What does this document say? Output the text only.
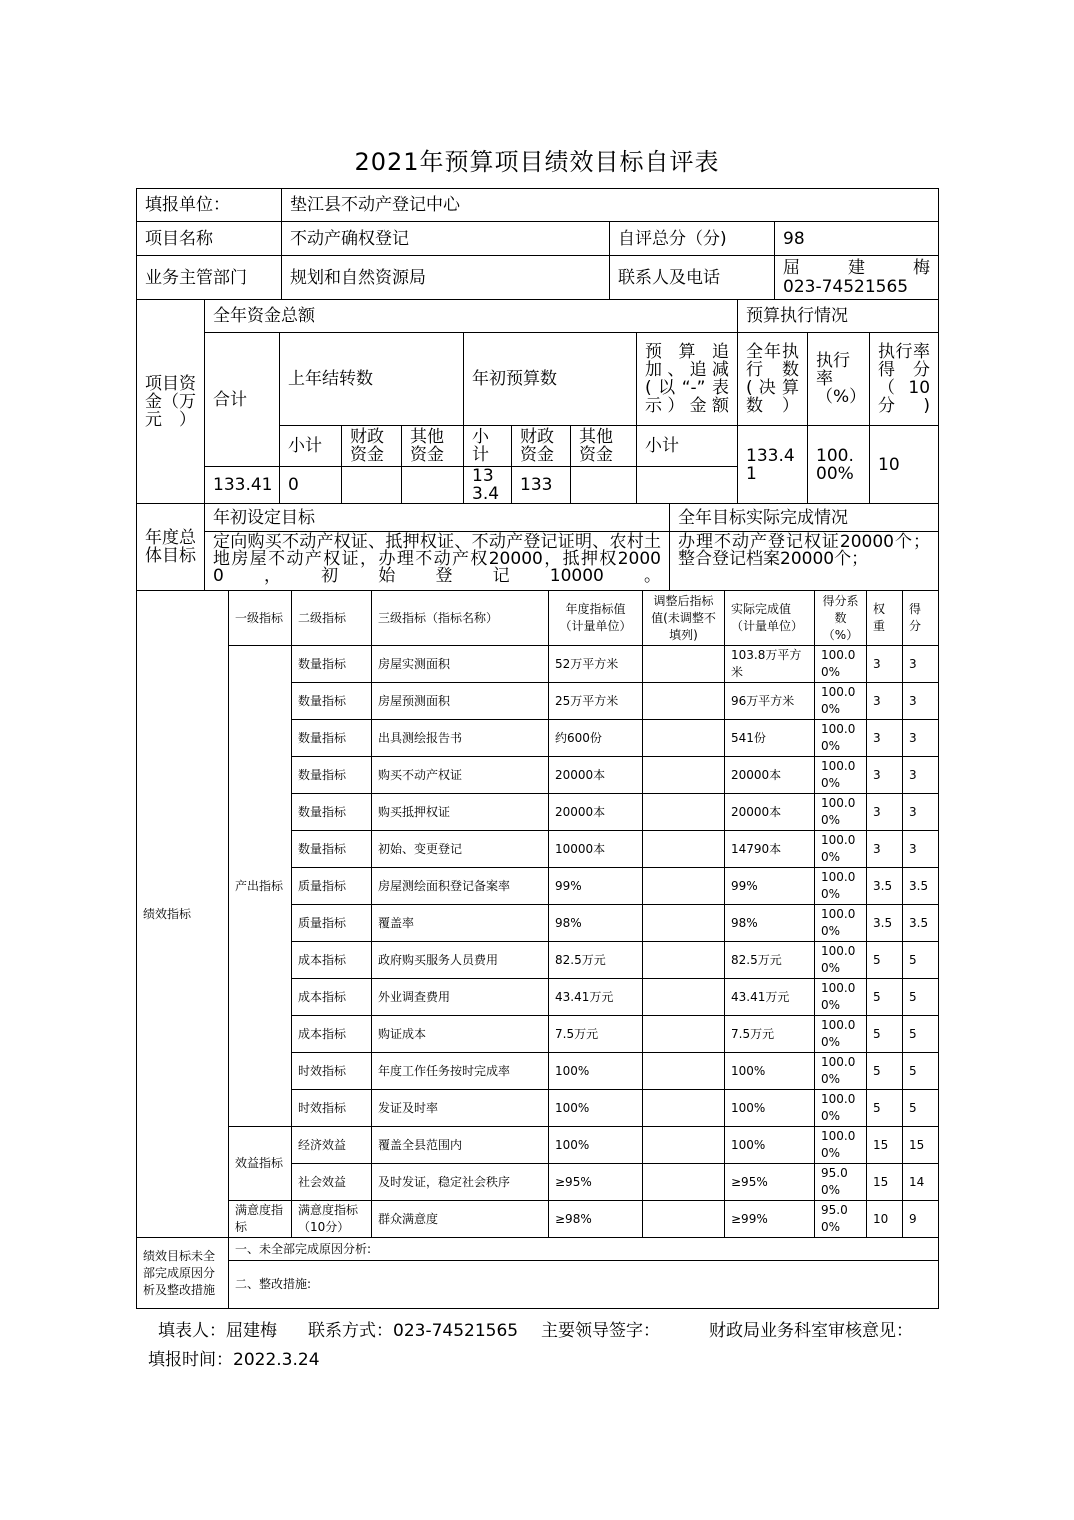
2021年预算项目绩效目标自评表
填报单位：	垫江县不动产登记中心		
项目名称	不动产确权登记	自评总分（分)	98
业务主管部门	规划和自然资源局	联系人及电话	屈建梅
023-74521565
项目资金（万元）	全年资金总额								预算执行情况		
	合计	上年结转数			年初预算数			预算追加、追减(以“-”表示）金额	全年执行数(决算数）	执行率（%）	执行率得分（10分)
		小计	财政资金	其他资金	小计	财政资金	其他资金	小计	133.41	100.00%	10
	133.41	0			133.4	133					
年度总体目标	年初设定目标	全年目标实际完成情况
	定向购买不动产权证、抵押权证、不动产登记证明、农村土地房屋不动产权证，办理不动产权20000，抵押权20000，初始登记10000。	办理不动产登记权证20000个；整合登记档案20000个；
绩效指标	一级指标	二级指标	三级指标（指标名称）	年度指标值（计量单位）	调整后指标值(未调整不填列)	实际完成值（计量单位）	得分系数（%）	权重	得分
	产出指标	数量指标	房屋实测面积	52万平方米		103.8万平方米	100.00%	3	3
		数量指标	房屋预测面积	25万平方米		96万平方米	100.00%	3	3
		数量指标	出具测绘报告书	约600份		541份	100.00%	3	3
		数量指标	购买不动产权证	20000本		20000本	100.00%	3	3
		数量指标	购买抵押权证	20000本		20000本	100.00%	3	3
		数量指标	初始、变更登记	10000本		14790本	100.00%	3	3
		质量指标	房屋测绘面积登记备案率	99%		99%	100.00%	3.5	3.5
		质量指标	覆盖率	98%		98%	100.00%	3.5	3.5
		成本指标	政府购买服务人员费用	82.5万元		82.5万元	100.00%	5	5
		成本指标	外业调查费用	43.41万元		43.41万元	100.00%	5	5
		成本指标	购证成本	7.5万元		7.5万元	100.00%	5	5
		时效指标	年度工作任务按时完成率	100%		100%	100.00%	5	5
		时效指标	发证及时率	100%		100%	100.00%	5	5
	效益指标	经济效益	覆盖全县范围内	100%		100%	100.00%	15	15
		社会效益	及时发证，稳定社会秩序	≥95%		≥95%	95.00%	15	14
	满意度指标	满意度指标（10分）	群众满意度	≥98%		≥99%	95.00%	10	9
绩效目标未全部完成原因分析及整改措施	一、未全部完成原因分析:								
	二、整改措施:								
填表人：屈建梅 联系方式：023-74521565 主要领导签字：	财政局业务科室审核意见：
填报时间：2022.3.24
